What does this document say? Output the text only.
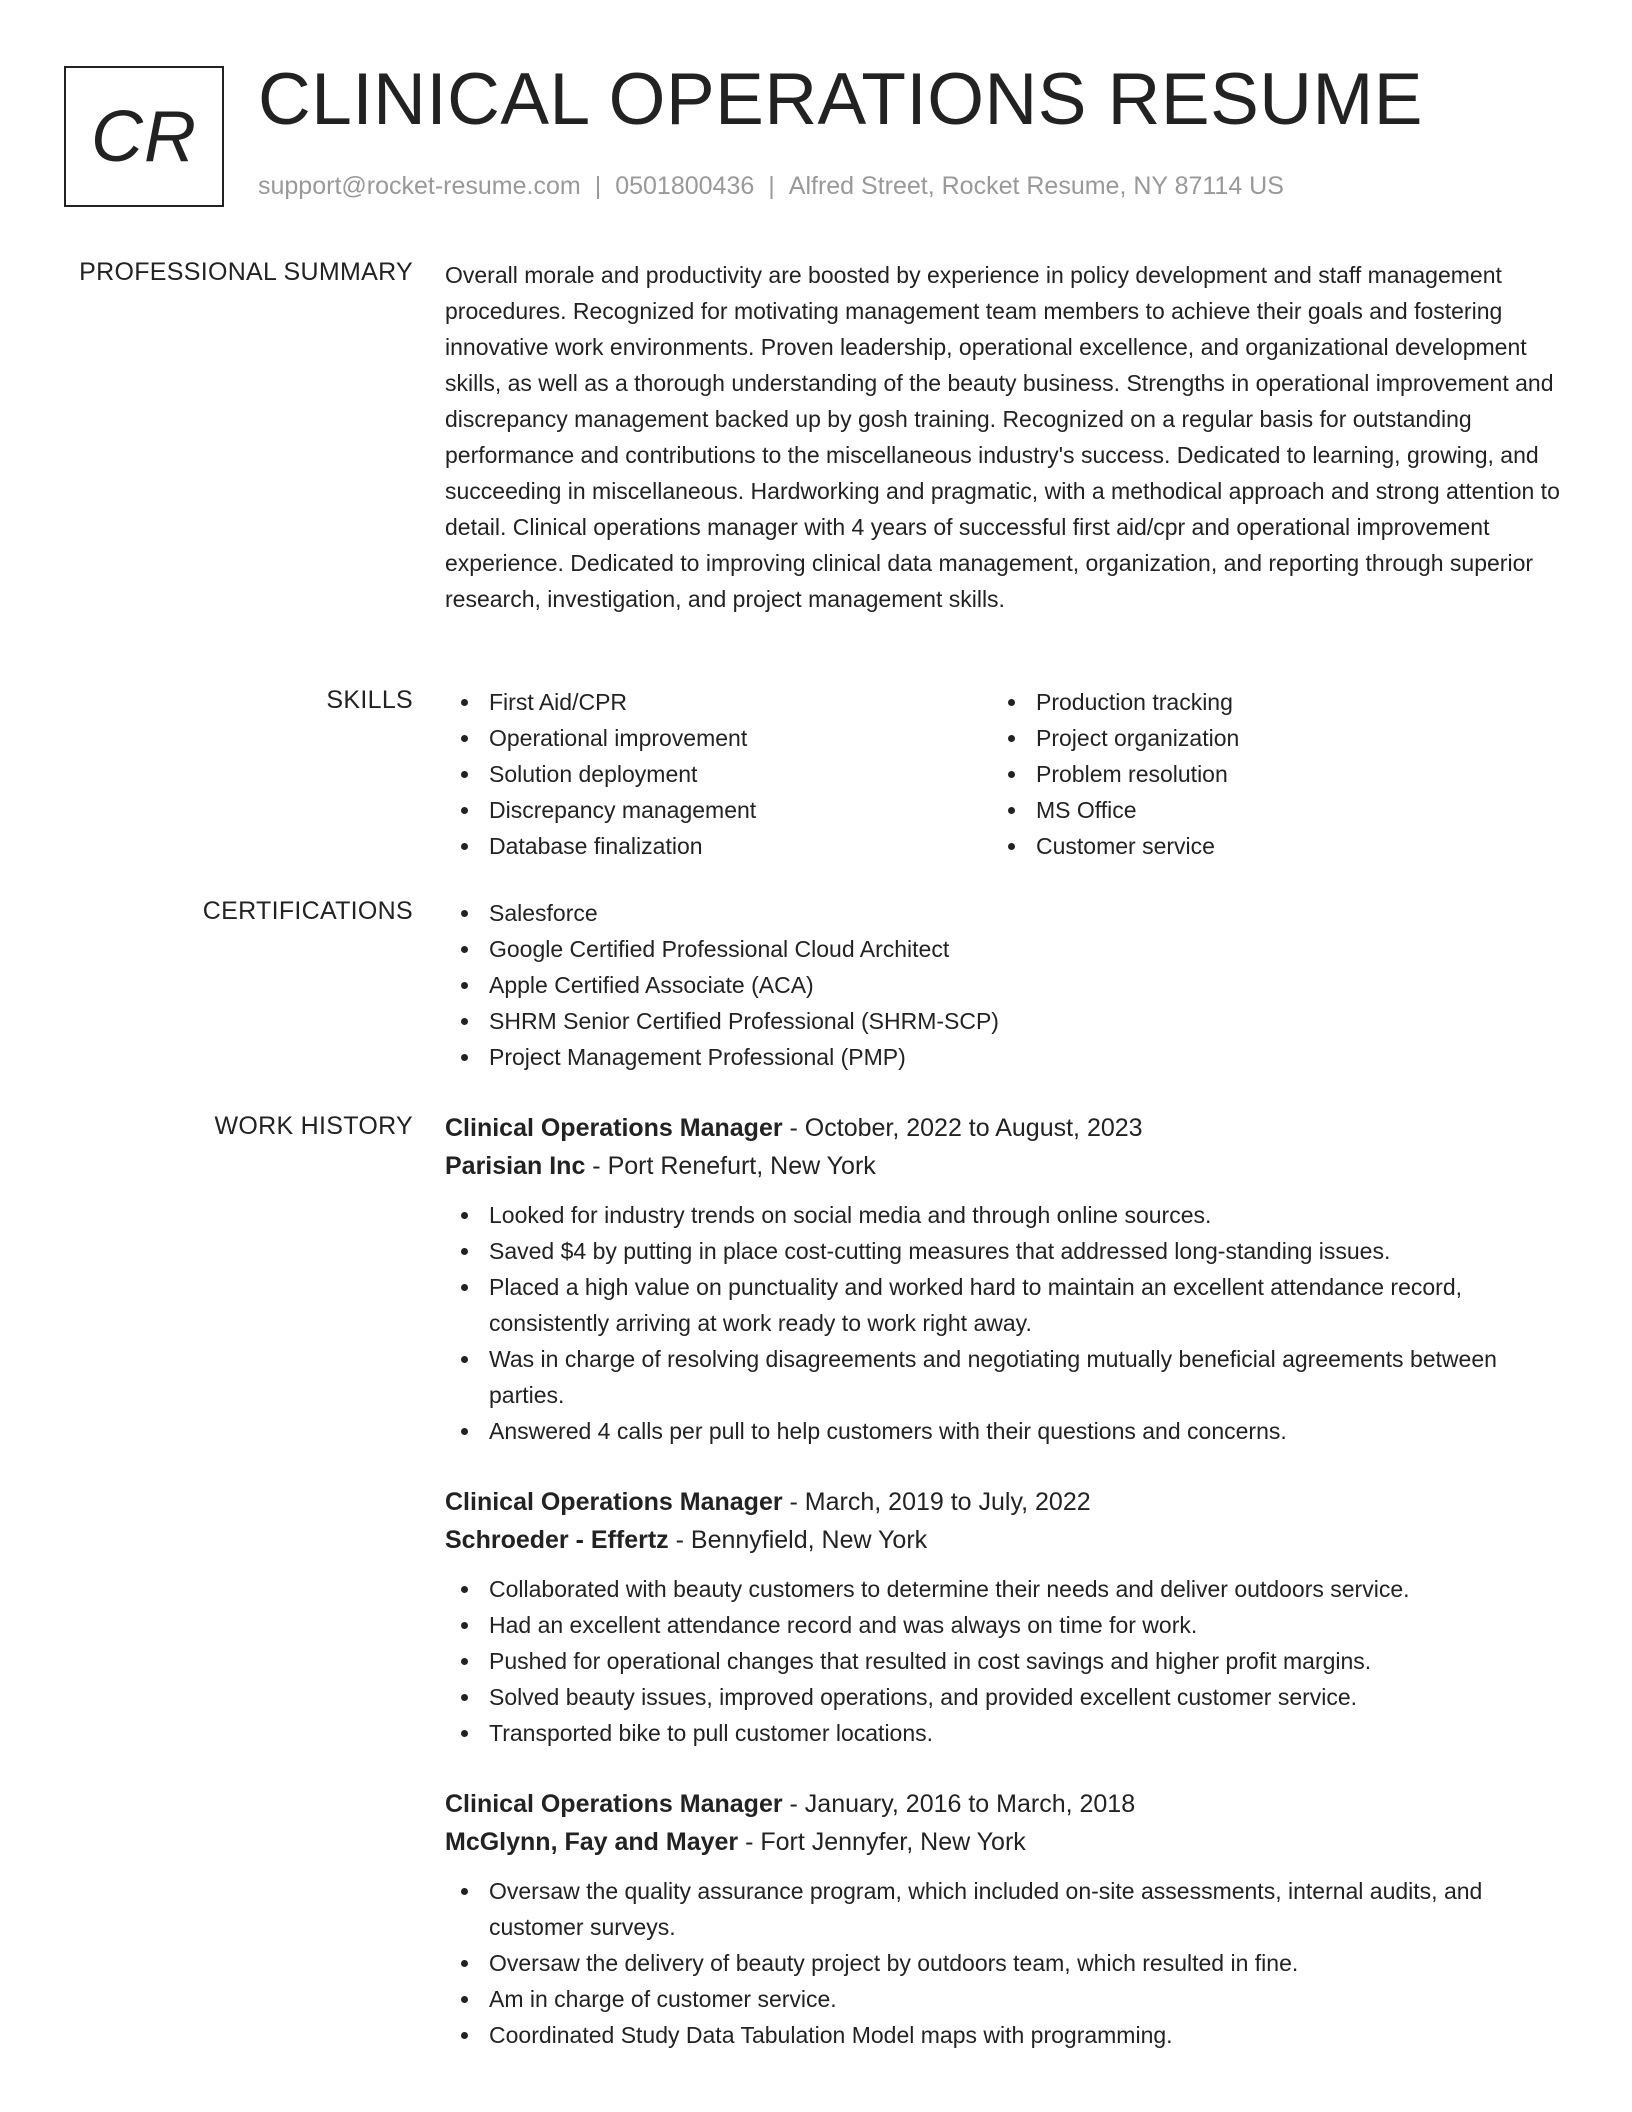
CR CLINICAL OPERATIONS RESUME
support@rocket-resume.com | 0501800436 | Alfred Street, Rocket Resume, NY 87114 US
PROFESSIONAL SUMMARY Overall morale and productivity are boosted by experience in policy development and staff management procedures. Recognized for motivating management team members to achieve their goals and fostering innovative work environments. Proven leadership, operational excellence, and organizational development skills, as well as a thorough understanding of the beauty business. Strengths in operational improvement and discrepancy management backed up by gosh training. Recognized on a regular basis for outstanding performance and contributions to the miscellaneous industry's success. Dedicated to learning, growing, and succeeding in miscellaneous. Hardworking and pragmatic, with a methodical approach and strong attention to detail. Clinical operations manager with 4 years of successful first aid/cpr and operational improvement experience. Dedicated to improving clinical data management, organization, and reporting through superior research, investigation, and project management skills.

SKILLS	First Aid/CPR
Operational improvement
Solution deployment
Discrepancy management
Database finalization
Production tracking
Project organization
Problem resolution
MS Office
Customer service
CERTIFICATIONS	Salesforce
Google Certified Professional Cloud Architect
Apple Certified Associate (ACA)
SHRM Senior Certified Professional (SHRM-SCP)
Project Management Professional (PMP)
WORK HISTORY Clinical Operations Manager - October, 2022 to August, 2023
Parisian Inc - Port Renefurt, New York
Looked for industry trends on social media and through online sources.
Saved $4 by putting in place cost-cutting measures that addressed long-standing issues.
Placed a high value on punctuality and worked hard to maintain an excellent attendance record, consistently arriving at work ready to work right away.
Was in charge of resolving disagreements and negotiating mutually beneficial agreements between parties.
Answered 4 calls per pull to help customers with their questions and concerns.
Clinical Operations Manager - March, 2019 to July, 2022
Schroeder - Effertz - Bennyfield, New York
Collaborated with beauty customers to determine their needs and deliver outdoors service.
Had an excellent attendance record and was always on time for work.
Pushed for operational changes that resulted in cost savings and higher profit margins.
Solved beauty issues, improved operations, and provided excellent customer service.
Transported bike to pull customer locations.
Clinical Operations Manager - January, 2016 to March, 2018
McGlynn, Fay and Mayer - Fort Jennyfer, New York
Oversaw the quality assurance program, which included on-site assessments, internal audits, and customer surveys.
Oversaw the delivery of beauty project by outdoors team, which resulted in fine.
Am in charge of customer service.
Coordinated Study Data Tabulation Model maps with programming.
